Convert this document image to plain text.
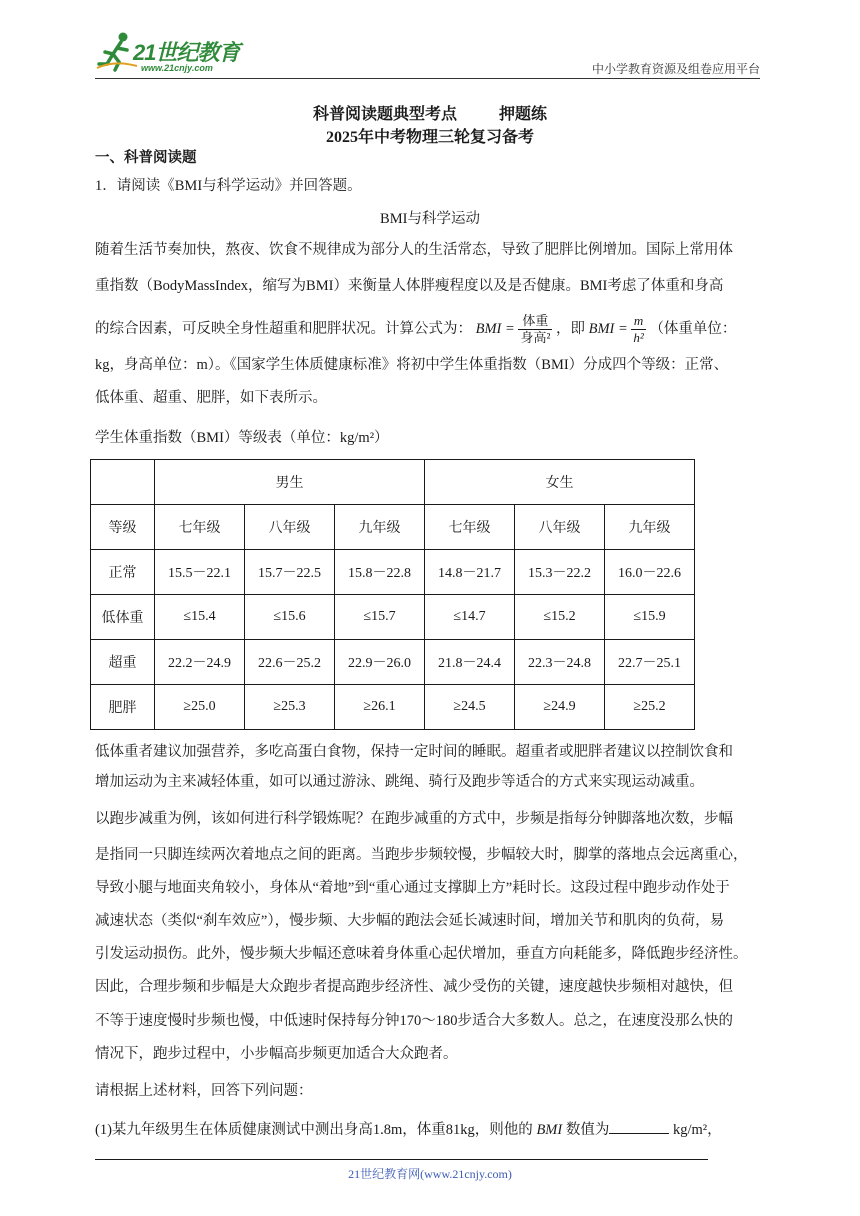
21世纪教育
www.21cnjy.com	中小学教育资源及组卷应用平台
科普阅读题典型考点	押题练
2025年中考物理三轮复习备考
一、科普阅读题
1．请阅读《BMI与科学运动》并回答题。
BMI与科学运动
随着生活节奏加快，熬夜、饮食不规律成为部分人的生活常态，导致了肥胖比例增加。国际上常用体
重指数（BodyMassIndex，缩写为BMI）来衡量人体胖瘦程度以及是否健康。BMI考虑了体重和身高
的综合因素，可反映全身性超重和肥胖状况。计算公式为： BMI = $\frac{\text{体重}}{\text{身高²}}$ ，即 BMI = $\frac{m}{\text{h²}}$ （体重单位：
kg，身高单位：m）。《国家学生体质健康标准》将初中学生体重指数（BMI）分成四个等级：正常、
低体重、超重、肥胖，如下表所示。
学生体重指数（BMI）等级表（单位：kg/m²）
	男生			女生		
等级	七年级	八年级	九年级	七年级	八年级	九年级
正常	15.5－22.1	15.7－22.5	15.8－22.8	14.8－21.7	15.3－22.2	16.0－22.6
低体重	≤15.4	≤15.6	≤15.7	≤14.7	≤15.2	≤15.9
超重	22.2－24.9	22.6－25.2	22.9－26.0	21.8－24.4	22.3－24.8	22.7－25.1
肥胖	≥25.0	≥25.3	≥26.1	≥24.5	≥24.9	≥25.2
低体重者建议加强营养，多吃高蛋白食物，保持一定时间的睡眠。超重者或肥胖者建议以控制饮食和
增加运动为主来减轻体重，如可以通过游泳、跳绳、骑行及跑步等适合的方式来实现运动减重。
以跑步减重为例，该如何进行科学锻炼呢？在跑步减重的方式中，步频是指每分钟脚落地次数，步幅
是指同一只脚连续两次着地点之间的距离。当跑步步频较慢，步幅较大时，脚掌的落地点会远离重心，
导致小腿与地面夹角较小，身体从“着地”到“重心通过支撑脚上方”耗时长。这段过程中跑步动作处于
减速状态（类似“刹车效应”），慢步频、大步幅的跑法会延长减速时间，增加关节和肌肉的负荷，易
引发运动损伤。此外，慢步频大步幅还意味着身体重心起伏增加，垂直方向耗能多，降低跑步经济性。
因此，合理步频和步幅是大众跑步者提高跑步经济性、减少受伤的关键，速度越快步频相对越快，但
不等于速度慢时步频也慢，中低速时保持每分钟170～180步适合大多数人。总之，在速度没那么快的
情况下，跑步过程中，小步幅高步频更加适合大众跑者。
请根据上述材料，回答下列问题：
(1)某九年级男生在体质健康测试中测出身高1.8m，体重81kg，则他的 BMI 数值为	kg/m²，
21世纪教育网(www.21cnjy.com)
